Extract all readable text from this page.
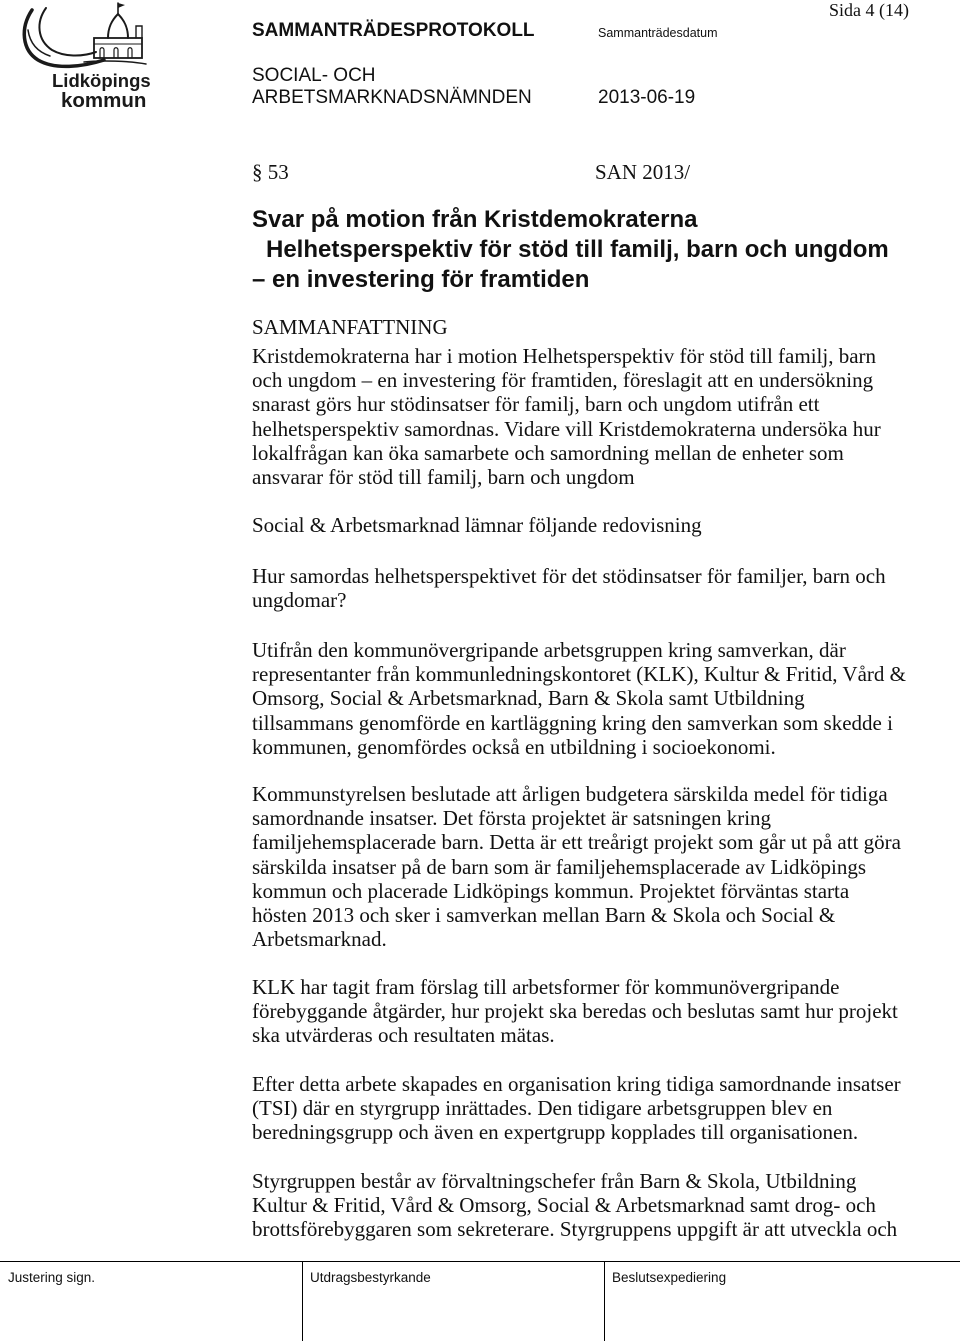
Lidköpings
kommun
SAMMANTRÄDESPROTOKOLL	Sammanträdesdatum
Sida 4 (14)
SOCIAL- OCH
ARBETSMARKNADSNÄMNDEN	2013-06-19
§ 53	SAN 2013/
Svar på motion från Kristdemokraterna
Helhetsperspektiv för stöd till familj, barn och ungdom
– en investering för framtiden
SAMMANFATTNING
Kristdemokraterna har i motion Helhetsperspektiv för stöd till familj, barn
och ungdom – en investering för framtiden, föreslagit att en undersökning
snarast görs hur stödinsatser för familj, barn och ungdom utifrån ett
helhetsperspektiv samordnas. Vidare vill Kristdemokraterna undersöka hur
lokalfrågan kan öka samarbete och samordning mellan de enheter som
ansvarar för stöd till familj, barn och ungdom
Social & Arbetsmarknad lämnar följande redovisning
Hur samordas helhetsperspektivet för det stödinsatser för familjer, barn och
ungdomar?
Utifrån den kommunövergripande arbetsgruppen kring samverkan, där
representanter från kommunledningskontoret (KLK), Kultur & Fritid, Vård &
Omsorg, Social & Arbetsmarknad, Barn & Skola samt Utbildning
tillsammans genomförde en kartläggning kring den samverkan som skedde i
kommunen, genomfördes också en utbildning i socioekonomi.
Kommunstyrelsen beslutade att årligen budgetera särskilda medel för tidiga
samordnande insatser. Det första projektet är satsningen kring
familjehemsplacerade barn. Detta är ett treårigt projekt som går ut på att göra
särskilda insatser på de barn som är familjehemsplacerade av Lidköpings
kommun och placerade Lidköpings kommun. Projektet förväntas starta
hösten 2013 och sker i samverkan mellan Barn & Skola och Social &
Arbetsmarknad.
KLK har tagit fram förslag till arbetsformer för kommunövergripande
förebyggande åtgärder, hur projekt ska beredas och beslutas samt hur projekt
ska utvärderas och resultaten mätas.
Efter detta arbete skapades en organisation kring tidiga samordnande insatser
(TSI) där en styrgrupp inrättades. Den tidigare arbetsgruppen blev en
beredningsgrupp och även en expertgrupp kopplades till organisationen.
Styrgruppen består av förvaltningschefer från Barn & Skola, Utbildning
Kultur & Fritid, Vård & Omsorg, Social & Arbetsmarknad samt drog- och
brottsförebyggaren som sekreterare. Styrgruppens uppgift är att utveckla och
Justering sign.	Utdragsbestyrkande	Beslutsexpediering
